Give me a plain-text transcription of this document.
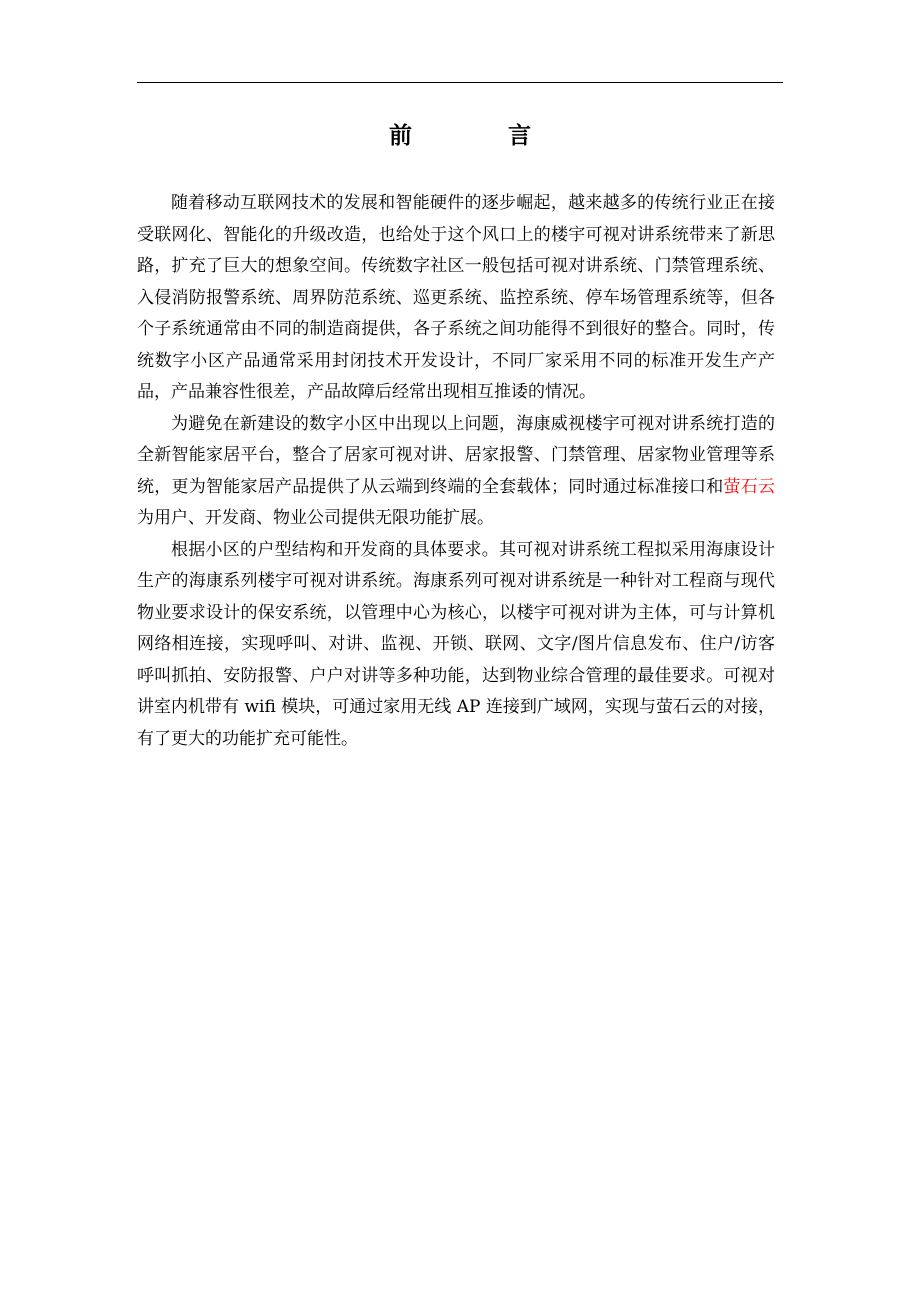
前 言

随着移动互联网技术的发展和智能硬件的逐步崛起，越来越多的传统行业正在接受联网化、智能化的升级改造，也给处于这个风口上的楼宇可视对讲系统带来了新思路，扩充了巨大的想象空间。传统数字社区一般包括可视对讲系统、门禁管理系统、入侵消防报警系统、周界防范系统、巡更系统、监控系统、停车场管理系统等，但各个子系统通常由不同的制造商提供，各子系统之间功能得不到很好的整合。同时，传统数字小区产品通常采用封闭技术开发设计，不同厂家采用不同的标准开发生产产品，产品兼容性很差，产品故障后经常出现相互推诿的情况。

为避免在新建设的数字小区中出现以上问题，海康威视楼宇可视对讲系统打造的全新智能家居平台，整合了居家可视对讲、居家报警、门禁管理、居家物业管理等系统，更为智能家居产品提供了从云端到终端的全套载体；同时通过标准接口和萤石云为用户、开发商、物业公司提供无限功能扩展。

根据小区的户型结构和开发商的具体要求。其可视对讲系统工程拟采用海康设计生产的海康系列楼宇可视对讲系统。海康系列可视对讲系统是一种针对工程商与现代物业要求设计的保安系统，以管理中心为核心，以楼宇可视对讲为主体，可与计算机网络相连接，实现呼叫、对讲、监视、开锁、联网、文字/图片信息发布、住户/访客呼叫抓拍、安防报警、户户对讲等多种功能，达到物业综合管理的最佳要求。可视对讲室内机带有 wifi 模块，可通过家用无线 AP 连接到广域网，实现与萤石云的对接，有了更大的功能扩充可能性。
